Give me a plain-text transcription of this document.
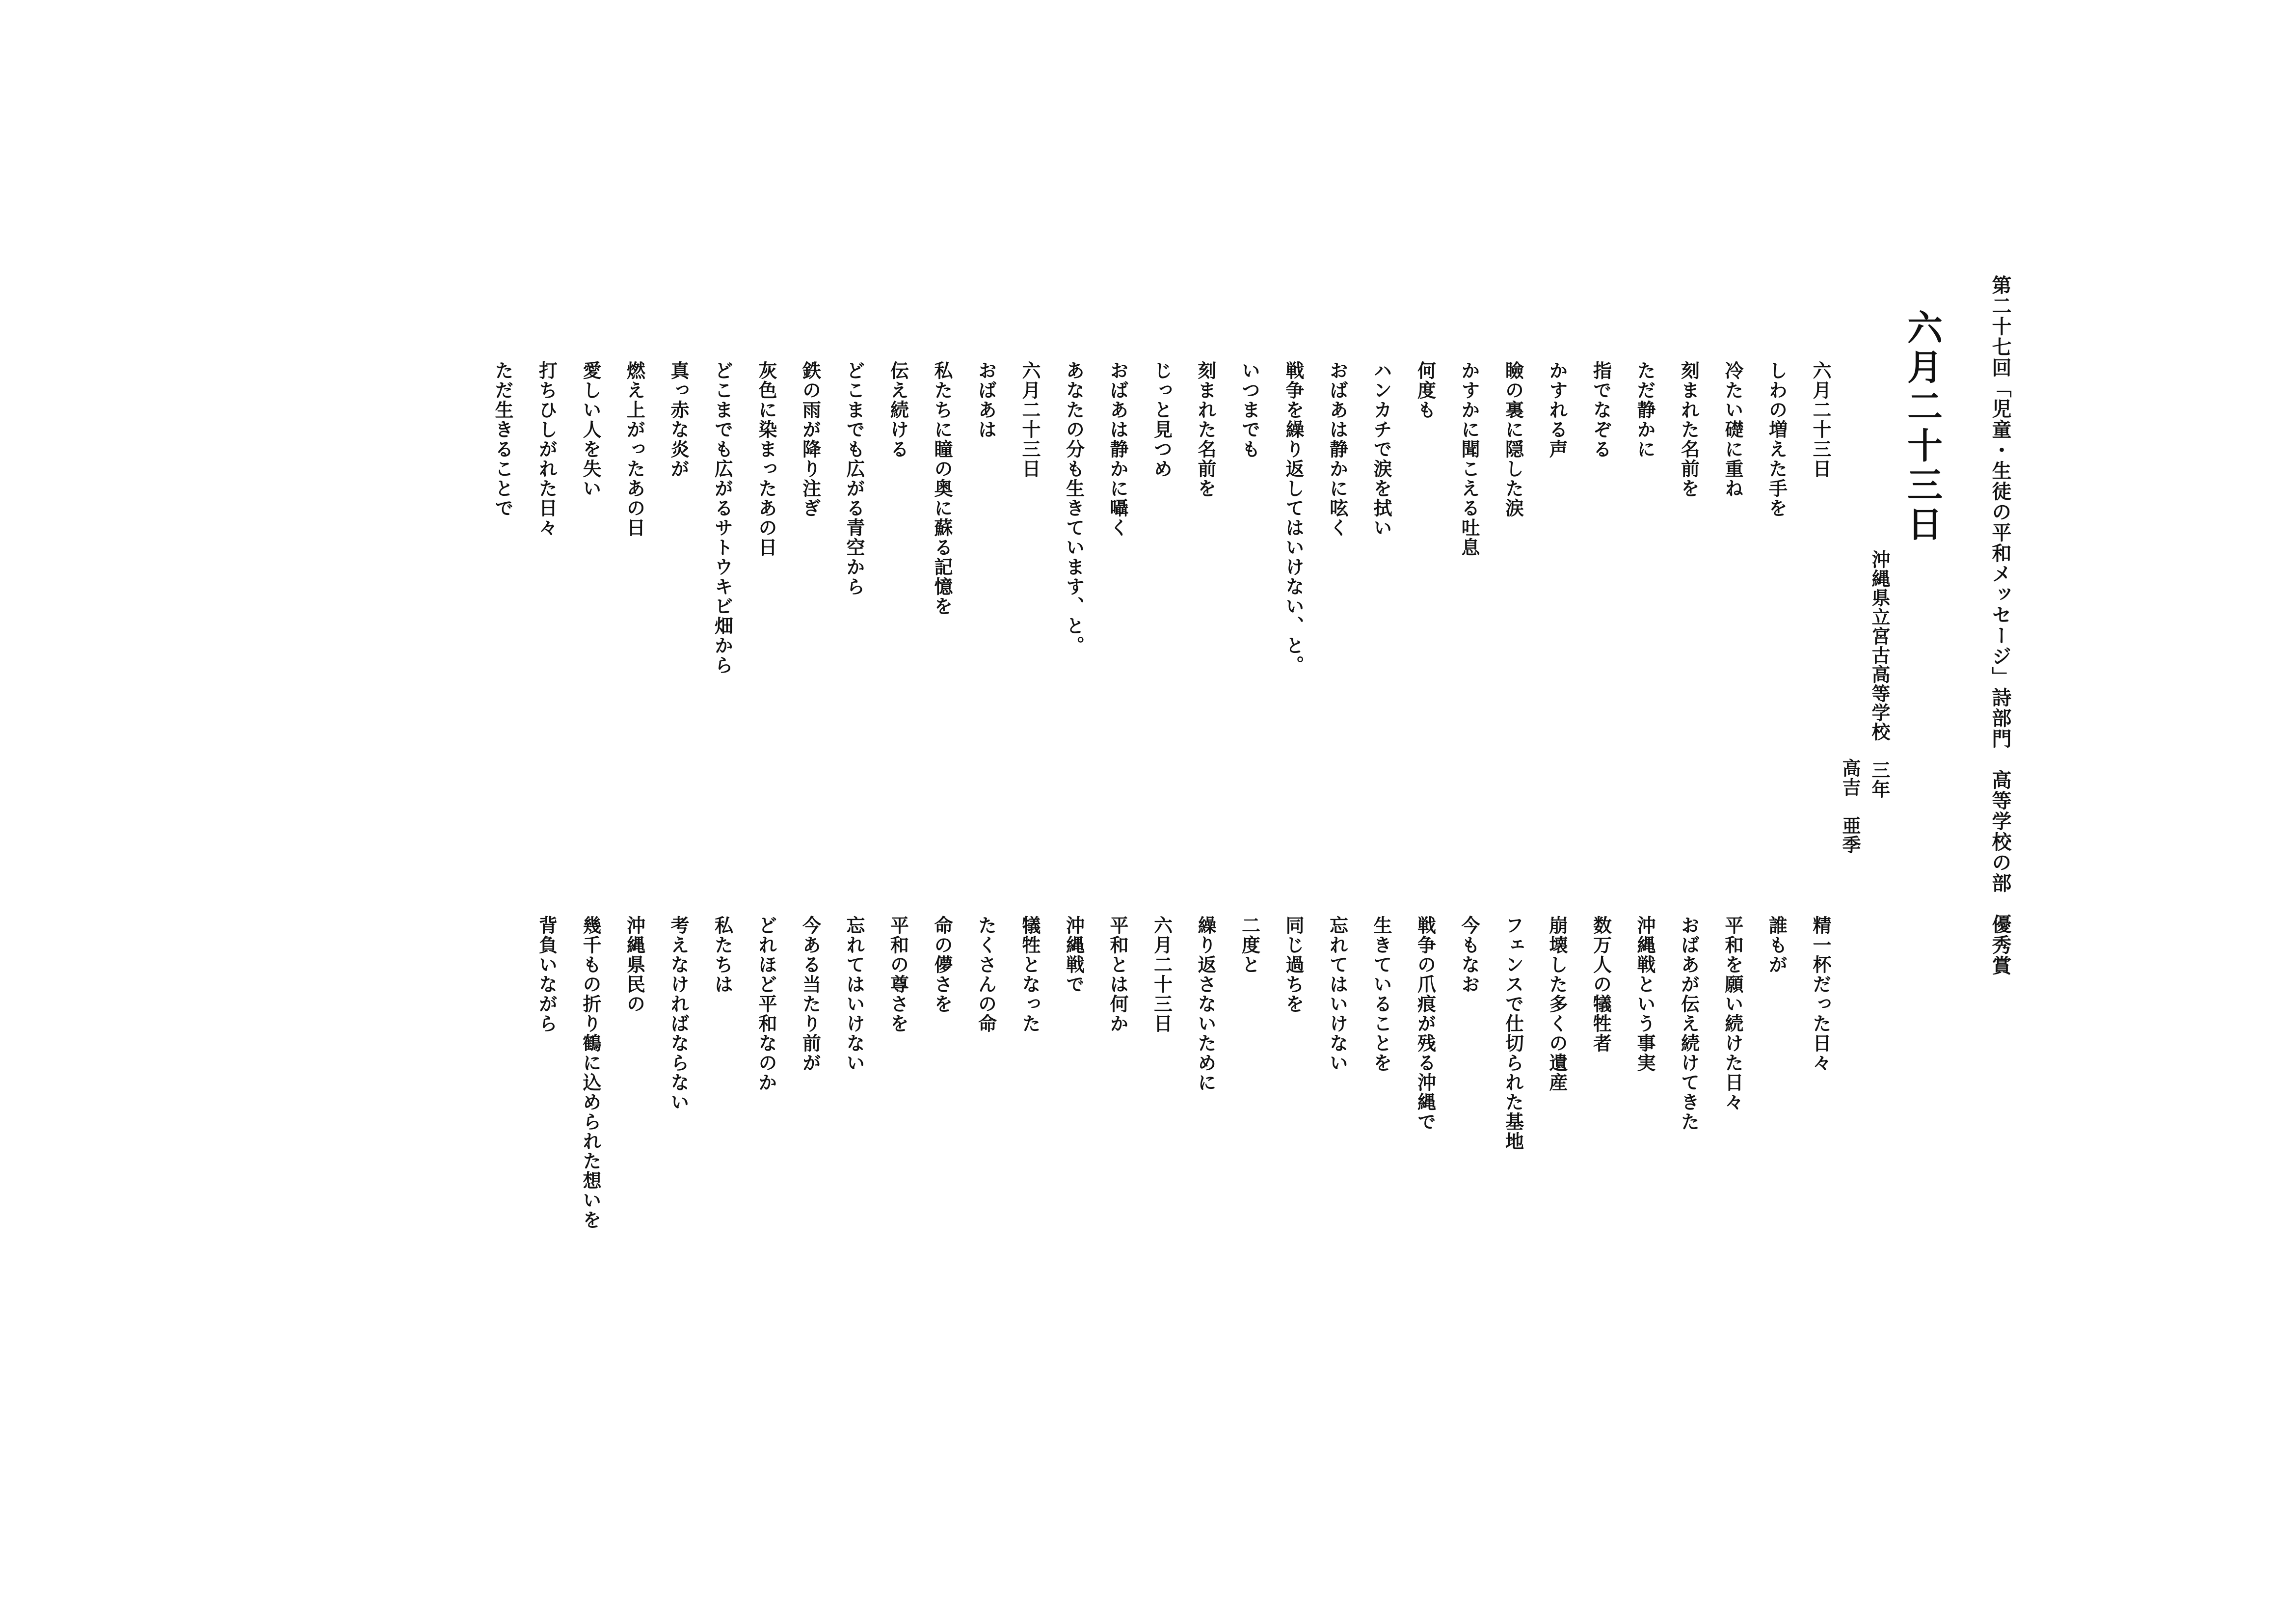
第二十七回「児童・生徒の平和メッセージ」詩部門　高等学校の部　優秀賞
六月二十三日
沖縄県立宮古高等学校　三年
高吉　亜季
六月二十三日
しわの増えた手を
冷たい礎に重ね
刻まれた名前を
ただ静かに
指でなぞる
かすれる声
瞼の裏に隠した涙
かすかに聞こえる吐息
何度も
ハンカチで涙を拭い
おばあは静かに呟く
戦争を繰り返してはいけない、と。
いつまでも
刻まれた名前を
じっと見つめ
おばあは静かに囁く
あなたの分も生きています、と。
六月二十三日
おばあは
私たちに瞳の奥に蘇る記憶を
伝え続ける
どこまでも広がる青空から
鉄の雨が降り注ぎ
灰色に染まったあの日
どこまでも広がるサトウキビ畑から
真っ赤な炎が
燃え上がったあの日
愛しい人を失い
打ちひしがれた日々
ただ生きることで
精一杯だった日々
誰もが
平和を願い続けた日々
おばあが伝え続けてきた
沖縄戦という事実
数万人の犠牲者
崩壊した多くの遺産
フェンスで仕切られた基地
今もなお
戦争の爪痕が残る沖縄で
生きていることを
忘れてはいけない
同じ過ちを
二度と
繰り返さないために
六月二十三日
平和とは何か
沖縄戦で
犠牲となった
たくさんの命
命の儚さを
平和の尊さを
忘れてはいけない
今ある当たり前が
どれほど平和なのか
私たちは
考えなければならない
沖縄県民の
幾千もの折り鶴に込められた想いを
背負いながら
